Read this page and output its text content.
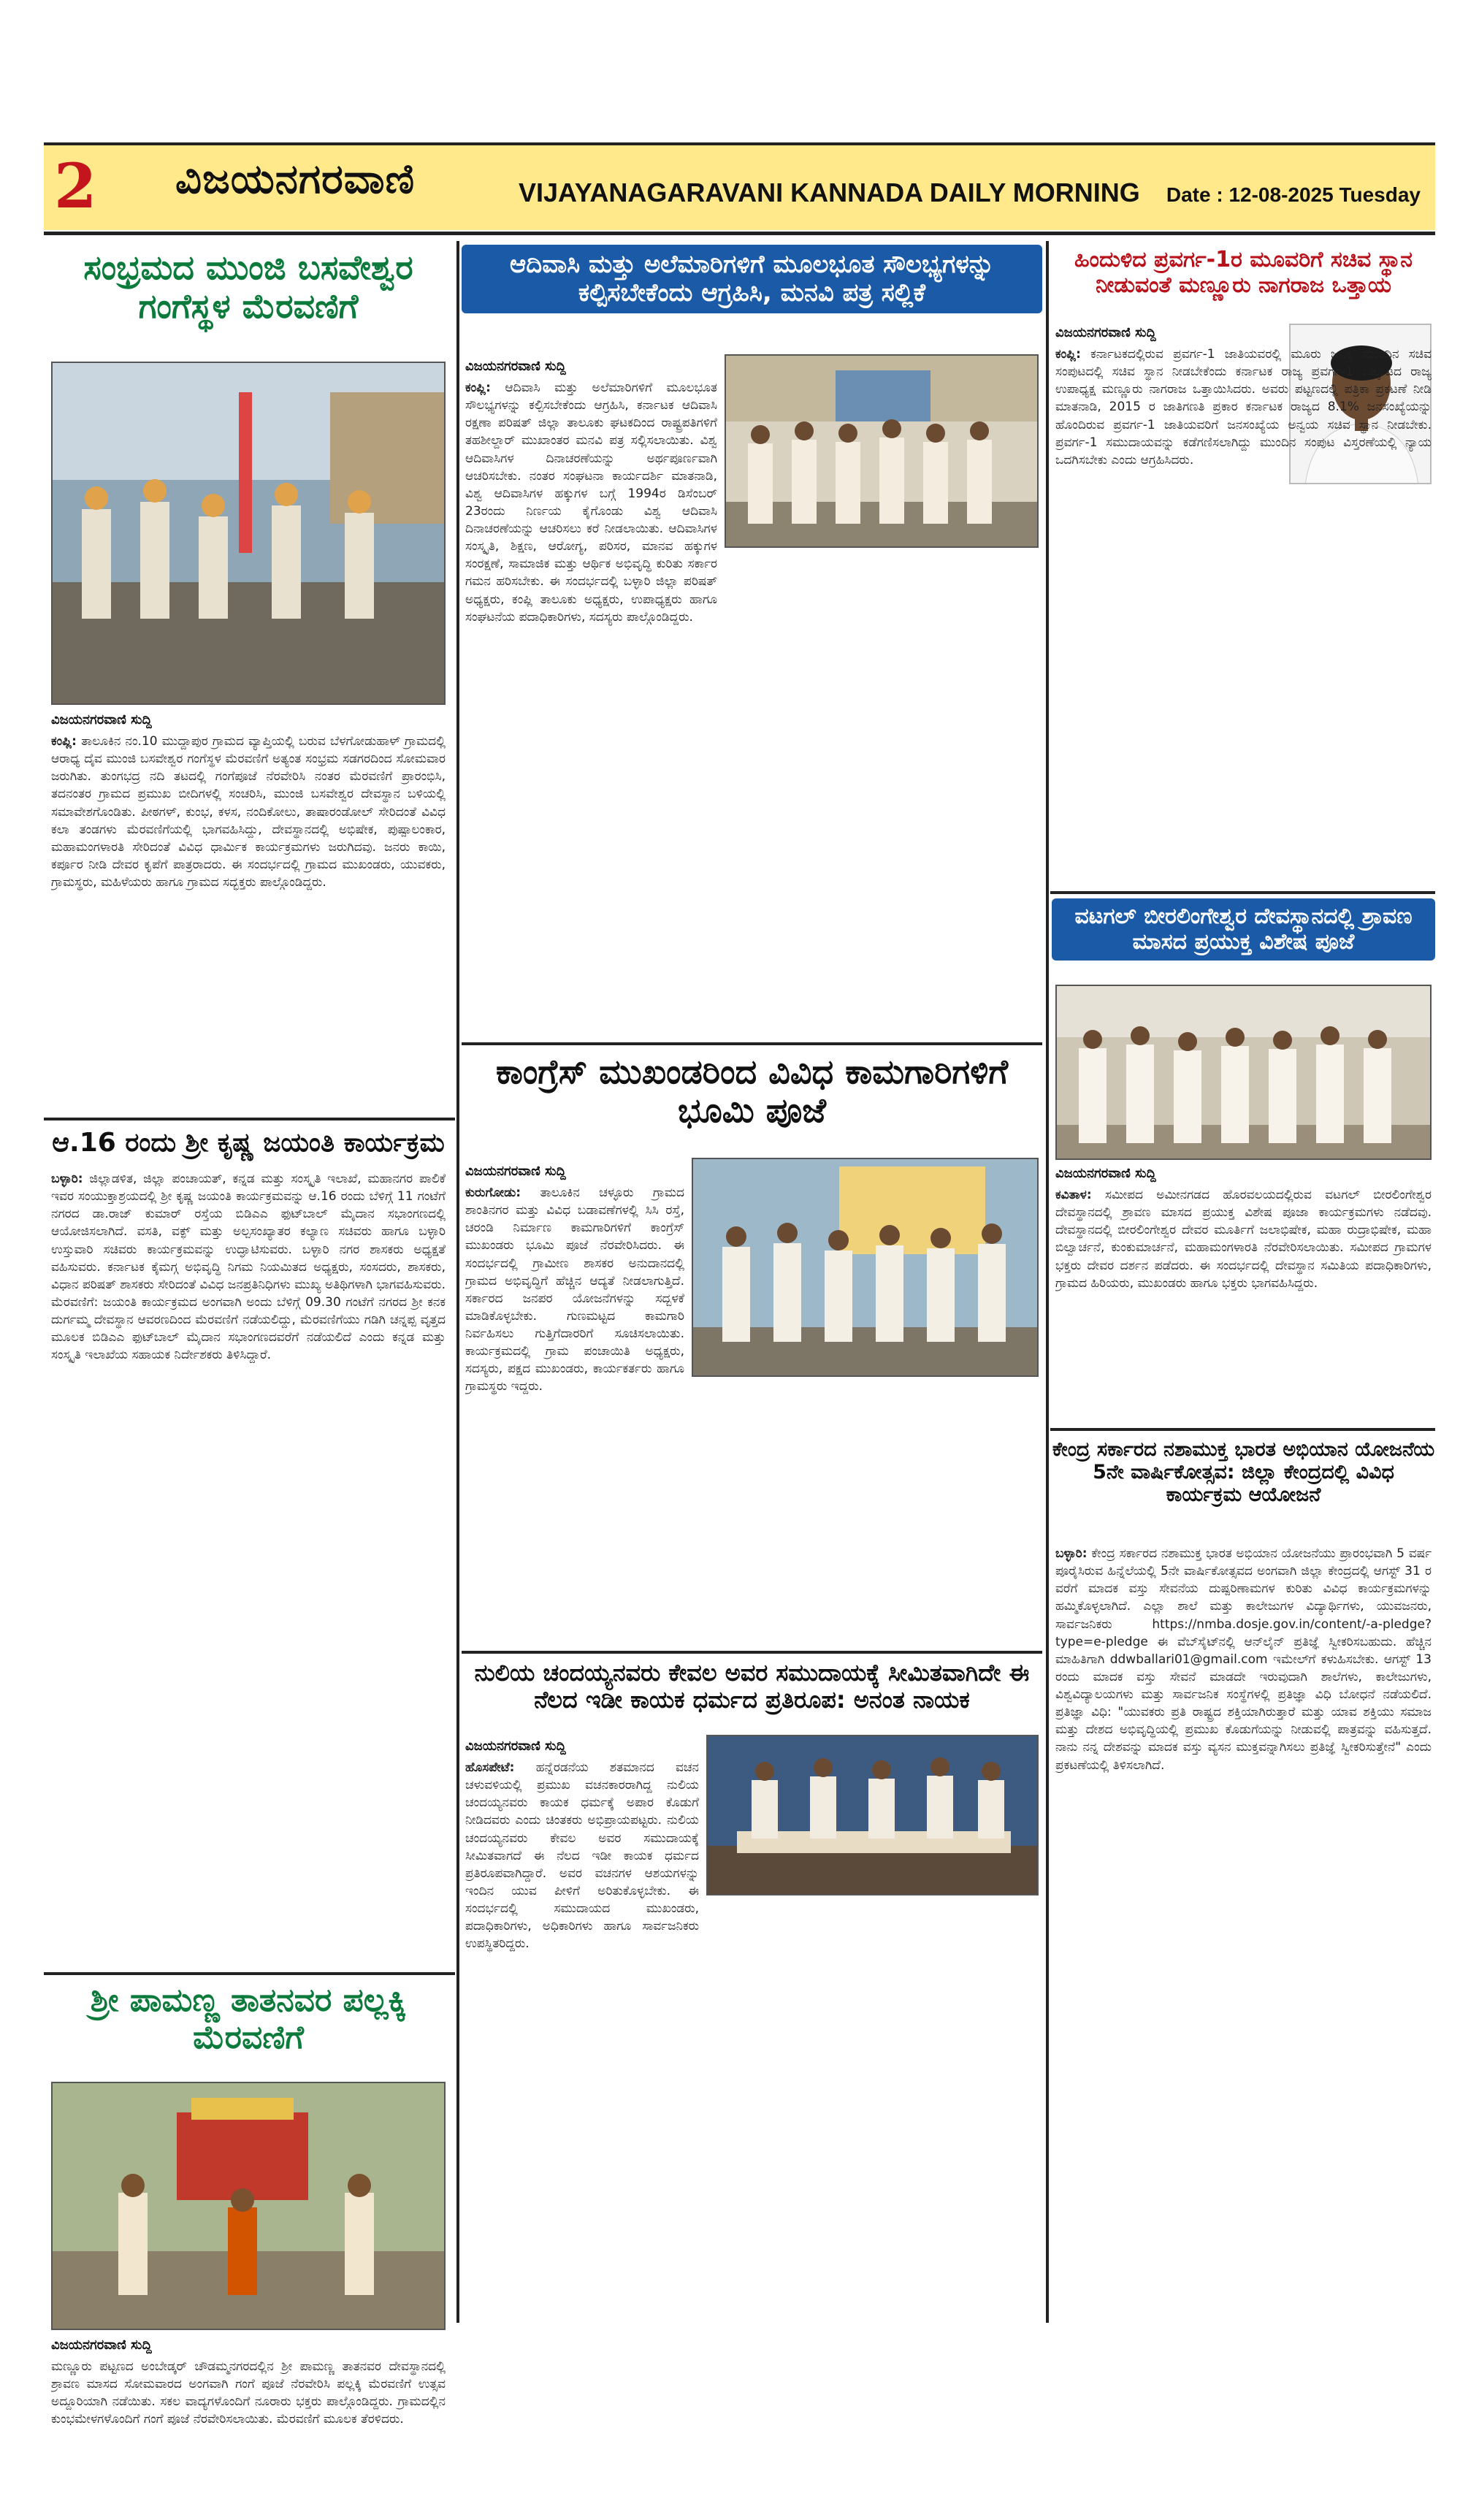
2 ವಿಜಯನಗರವಾಣಿ	VIJAYANAGARAVANI KANNADA DAILY MORNING Date : 12-08-2025 Tuesday
ಸಂಭ್ರಮದ ಮುಂಜಿ ಬಸವೇಶ್ವರ ಗಂಗೆಸ್ಥಳ ಮೆರವಣಿಗೆ
ವಿಜಯನಗರವಾಣಿ ಸುದ್ದಿ
ಕಂಪ್ಲಿ: ತಾಲೂಕಿನ ನಂ.10 ಮುದ್ದಾಪುರ ಗ್ರಾಮದ ವ್ಯಾಪ್ತಿಯಲ್ಲಿ ಬರುವ ಬೆಳಗೋಡುಹಾಳ್ ಗ್ರಾಮದಲ್ಲಿ ಆರಾಧ್ಯ ದೈವ ಮುಂಜಿ ಬಸವೇಶ್ವರ ಗಂಗೆಸ್ಥಳ ಮೆರವಣಿಗೆ ಅತ್ಯಂತ ಸಂಭ್ರಮ ಸಡಗರದಿಂದ ಸೋಮವಾರ ಜರುಗಿತು. ತುಂಗಭದ್ರ ನದಿ ತಟದಲ್ಲಿ ಗಂಗೆಪೂಜೆ ನೆರವೇರಿಸಿ ನಂತರ ಮೆರವಣಿಗೆ ಪ್ರಾರಂಭಿಸಿ, ತದನಂತರ ಗ್ರಾಮದ ಪ್ರಮುಖ ಬೀದಿಗಳಲ್ಲಿ ಸಂಚರಿಸಿ, ಮುಂಜಿ ಬಸವೇಶ್ವರ ದೇವಸ್ಥಾನ ಬಳಿಯಲ್ಲಿ ಸಮಾವೇಶಗೊಂಡಿತು. ಪೀಠಗಳ್, ಕುಂಭ, ಕಳಸ, ನಂದಿಕೋಲು, ತಾಷಾರಂಡೋಲ್ ಸೇರಿದಂತೆ ವಿವಿಧ ಕಲಾ ತಂಡಗಳು ಮೆರವಣಿಗೆಯಲ್ಲಿ ಭಾಗವಹಿಸಿದ್ದು, ದೇವಸ್ಥಾನದಲ್ಲಿ ಅಭಿಷೇಕ, ಪುಷ್ಪಾಲಂಕಾರ, ಮಹಾಮಂಗಳಾರತಿ ಸೇರಿದಂತೆ ವಿವಿಧ ಧಾರ್ಮಿಕ ಕಾರ್ಯಕ್ರಮಗಳು ಜರುಗಿದವು. ಜನರು ಕಾಯಿ, ಕರ್ಪೂರ ನೀಡಿ ದೇವರ ಕೃಪೆಗೆ ಪಾತ್ರರಾದರು. ಈ ಸಂದರ್ಭದಲ್ಲಿ ಗ್ರಾಮದ ಮುಖಂಡರು, ಯುವಕರು, ಗ್ರಾಮಸ್ಥರು, ಮಹಿಳೆಯರು ಹಾಗೂ ಗ್ರಾಮದ ಸದ್ಭಕ್ತರು ಪಾಲ್ಗೊಂಡಿದ್ದರು.
ಆ.16 ರಂದು ಶ್ರೀ ಕೃಷ್ಣ ಜಯಂತಿ ಕಾರ್ಯಕ್ರಮ
ಬಳ್ಳಾರಿ: ಜಿಲ್ಲಾಡಳಿತ, ಜಿಲ್ಲಾ ಪಂಚಾಯತ್, ಕನ್ನಡ ಮತ್ತು ಸಂಸ್ಕೃತಿ ಇಲಾಖೆ, ಮಹಾನಗರ ಪಾಲಿಕೆ ಇವರ ಸಂಯುಕ್ತಾಶ್ರಯದಲ್ಲಿ ಶ್ರೀ ಕೃಷ್ಣ ಜಯಂತಿ ಕಾರ್ಯಕ್ರಮವನ್ನು ಆ.16 ರಂದು ಬೆಳಿಗ್ಗೆ 11 ಗಂಟೆಗೆ ನಗರದ ಡಾ.ರಾಜ್ ಕುಮಾರ್ ರಸ್ತೆಯ ಬಿಡಿಎಎ ಫುಟ್‍ಬಾಲ್ ಮೈದಾನ ಸಭಾಂಗಣದಲ್ಲಿ ಆಯೋಜಿಸಲಾಗಿದೆ. ವಸತಿ, ವಕ್ಫ್ ಮತ್ತು ಅಲ್ಪಸಂಖ್ಯಾತರ ಕಲ್ಯಾಣ ಸಚಿವರು ಹಾಗೂ ಬಳ್ಳಾರಿ ಉಸ್ತುವಾರಿ ಸಚಿವರು ಕಾರ್ಯಕ್ರಮವನ್ನು ಉದ್ಘಾಟಿಸುವರು. ಬಳ್ಳಾರಿ ನಗರ ಶಾಸಕರು ಅಧ್ಯಕ್ಷತೆ ವಹಿಸುವರು. ಕರ್ನಾಟಕ ಕೈಮಗ್ಗ ಅಭಿವೃದ್ಧಿ ನಿಗಮ ನಿಯಮಿತದ ಅಧ್ಯಕ್ಷರು, ಸಂಸದರು, ಶಾಸಕರು, ವಿಧಾನ ಪರಿಷತ್ ಶಾಸಕರು ಸೇರಿದಂತೆ ವಿವಿಧ ಜನಪ್ರತಿನಿಧಿಗಳು ಮುಖ್ಯ ಅತಿಥಿಗಳಾಗಿ ಭಾಗವಹಿಸುವರು. ಮೆರವಣಿಗೆ: ಜಯಂತಿ ಕಾರ್ಯಕ್ರಮದ ಅಂಗವಾಗಿ ಅಂದು ಬೆಳಿಗ್ಗೆ 09.30 ಗಂಟೆಗೆ ನಗರದ ಶ್ರೀ ಕನಕ ದುರ್ಗಮ್ಮ ದೇವಸ್ಥಾನ ಆವರಣದಿಂದ ಮೆರವಣಿಗೆ ನಡೆಯಲಿದ್ದು, ಮೆರವಣಿಗೆಯು ಗಡಿಗಿ ಚನ್ನಪ್ಪ ವೃತ್ತದ ಮೂಲಕ ಬಿಡಿಎಎ ಫುಟ್‍ಬಾಲ್ ಮೈದಾನ ಸಭಾಂಗಣದವರೆಗೆ ನಡೆಯಲಿದೆ ಎಂದು ಕನ್ನಡ ಮತ್ತು ಸಂಸ್ಕೃತಿ ಇಲಾಖೆಯ ಸಹಾಯಕ ನಿರ್ದೇಶಕರು ತಿಳಿಸಿದ್ದಾರೆ.
ಶ್ರೀ ಪಾಮಣ್ಣ ತಾತನವರ ಪಲ್ಲಕ್ಕಿ ಮೆರವಣಿಗೆ
ವಿಜಯನಗರವಾಣಿ ಸುದ್ದಿ
ಮಣ್ಣೂರು ಪಟ್ಟಣದ ಅಂಬೇಡ್ಕರ್ ಚೌಡಮ್ಮನಗರದಲ್ಲಿನ ಶ್ರೀ ಪಾಮಣ್ಣ ತಾತನವರ ದೇವಸ್ಥಾನದಲ್ಲಿ ಶ್ರಾವಣ ಮಾಸದ ಸೋಮವಾರದ ಅಂಗವಾಗಿ ಗಂಗೆ ಪೂಜೆ ನೆರವೇರಿಸಿ ಪಲ್ಲಕ್ಕಿ ಮೆರವಣಿಗೆ ಉತ್ಸವ ಅದ್ದೂರಿಯಾಗಿ ನಡೆಯಿತು. ಸಕಲ ವಾದ್ಯಗಳೊಂದಿಗೆ ನೂರಾರು ಭಕ್ತರು ಪಾಲ್ಗೊಂಡಿದ್ದರು. ಗ್ರಾಮದಲ್ಲಿನ ಕುಂಭಮೇಳಗಳೊಂದಿಗೆ ಗಂಗೆ ಪೂಜೆ ನೆರವೇರಿಸಲಾಯಿತು. ಮೆರವಣಿಗೆ ಮೂಲಕ ತೆರಳಿದರು.
ಆದಿವಾಸಿ ಮತ್ತು ಅಲೆಮಾರಿಗಳಿಗೆ ಮೂಲಭೂತ ಸೌಲಭ್ಯಗಳನ್ನು ಕಲ್ಪಿಸಬೇಕೆಂದು ಆಗ್ರಹಿಸಿ, ಮನವಿ ಪತ್ರ ಸಲ್ಲಿಕೆ
ವಿಜಯನಗರವಾಣಿ ಸುದ್ದಿ
ಕಂಪ್ಲಿ: ಆದಿವಾಸಿ ಮತ್ತು ಅಲೆಮಾರಿಗಳಿಗೆ ಮೂಲಭೂತ ಸೌಲಭ್ಯಗಳನ್ನು ಕಲ್ಪಿಸಬೇಕೆಂದು ಆಗ್ರಹಿಸಿ, ಕರ್ನಾಟಕ ಆದಿವಾಸಿ ರಕ್ಷಣಾ ಪರಿಷತ್ ಜಿಲ್ಲಾ ತಾಲೂಕು ಘಟಕದಿಂದ ರಾಷ್ಟ್ರಪತಿಗಳಿಗೆ ತಹಶೀಲ್ದಾರ್ ಮುಖಾಂತರ ಮನವಿ ಪತ್ರ ಸಲ್ಲಿಸಲಾಯಿತು. ವಿಶ್ವ ಆದಿವಾಸಿಗಳ ದಿನಾಚರಣೆಯನ್ನು ಅರ್ಥಪೂರ್ಣವಾಗಿ ಆಚರಿಸಬೇಕು. ನಂತರ ಸಂಘಟನಾ ಕಾರ್ಯದರ್ಶಿ ಮಾತನಾಡಿ, ವಿಶ್ವ ಆದಿವಾಸಿಗಳ ಹಕ್ಕುಗಳ ಬಗ್ಗೆ 1994ರ ಡಿಸೆಂಬರ್ 23ರಂದು ನಿರ್ಣಯ ಕೈಗೊಂಡು ವಿಶ್ವ ಆದಿವಾಸಿ ದಿನಾಚರಣೆಯನ್ನು ಆಚರಿಸಲು ಕರೆ ನೀಡಲಾಯಿತು. ಆದಿವಾಸಿಗಳ ಸಂಸ್ಕೃತಿ, ಶಿಕ್ಷಣ, ಆರೋಗ್ಯ, ಪರಿಸರ, ಮಾನವ ಹಕ್ಕುಗಳ ಸಂರಕ್ಷಣೆ, ಸಾಮಾಜಿಕ ಮತ್ತು ಆರ್ಥಿಕ ಅಭಿವೃದ್ಧಿ ಕುರಿತು ಸರ್ಕಾರ ಗಮನ ಹರಿಸಬೇಕು. ಈ ಸಂದರ್ಭದಲ್ಲಿ ಬಳ್ಳಾರಿ ಜಿಲ್ಲಾ ಪರಿಷತ್ ಅಧ್ಯಕ್ಷರು, ಕಂಪ್ಲಿ ತಾಲೂಕು ಅಧ್ಯಕ್ಷರು, ಉಪಾಧ್ಯಕ್ಷರು ಹಾಗೂ ಸಂಘಟನೆಯ ಪದಾಧಿಕಾರಿಗಳು, ಸದಸ್ಯರು ಪಾಲ್ಗೊಂಡಿದ್ದರು.
ಕಾಂಗ್ರೆಸ್ ಮುಖಂಡರಿಂದ ವಿವಿಧ ಕಾಮಗಾರಿಗಳಿಗೆ ಭೂಮಿ ಪೂಜೆ
ವಿಜಯನಗರವಾಣಿ ಸುದ್ದಿ
ಕುರುಗೋಡು: ತಾಲೂಕಿನ ಚಳ್ಳೂರು ಗ್ರಾಮದ ಶಾಂತಿನಗರ ಮತ್ತು ವಿವಿಧ ಬಡಾವಣೆಗಳಲ್ಲಿ ಸಿಸಿ ರಸ್ತೆ, ಚರಂಡಿ ನಿರ್ಮಾಣ ಕಾಮಗಾರಿಗಳಿಗೆ ಕಾಂಗ್ರೆಸ್ ಮುಖಂಡರು ಭೂಮಿ ಪೂಜೆ ನೆರವೇರಿಸಿದರು. ಈ ಸಂದರ್ಭದಲ್ಲಿ ಗ್ರಾಮೀಣ ಶಾಸಕರ ಅನುದಾನದಲ್ಲಿ ಗ್ರಾಮದ ಅಭಿವೃದ್ಧಿಗೆ ಹೆಚ್ಚಿನ ಆದ್ಯತೆ ನೀಡಲಾಗುತ್ತಿದೆ. ಸರ್ಕಾರದ ಜನಪರ ಯೋಜನೆಗಳನ್ನು ಸದ್ಬಳಕೆ ಮಾಡಿಕೊಳ್ಳಬೇಕು. ಗುಣಮಟ್ಟದ ಕಾಮಗಾರಿ ನಿರ್ವಹಿಸಲು ಗುತ್ತಿಗೆದಾರರಿಗೆ ಸೂಚಿಸಲಾಯಿತು. ಕಾರ್ಯಕ್ರಮದಲ್ಲಿ ಗ್ರಾಮ ಪಂಚಾಯಿತಿ ಅಧ್ಯಕ್ಷರು, ಸದಸ್ಯರು, ಪಕ್ಷದ ಮುಖಂಡರು, ಕಾರ್ಯಕರ್ತರು ಹಾಗೂ ಗ್ರಾಮಸ್ಥರು ಇದ್ದರು.
ನುಲಿಯ ಚಂದಯ್ಯನವರು ಕೇವಲ ಅವರ ಸಮುದಾಯಕ್ಕೆ ಸೀಮಿತವಾಗಿದೇ ಈ ನೆಲದ ಇಡೀ ಕಾಯಕ ಧರ್ಮದ ಪ್ರತಿರೂಪ: ಅನಂತ ನಾಯಕ
ವಿಜಯನಗರವಾಣಿ ಸುದ್ದಿ
ಹೊಸಪೇಟೆ: ಹನ್ನೆರಡನೆಯ ಶತಮಾನದ ವಚನ ಚಳುವಳಿಯಲ್ಲಿ ಪ್ರಮುಖ ವಚನಕಾರರಾಗಿದ್ದ ನುಲಿಯ ಚಂದಯ್ಯನವರು ಕಾಯಕ ಧರ್ಮಕ್ಕೆ ಅಪಾರ ಕೊಡುಗೆ ನೀಡಿದವರು ಎಂದು ಚಿಂತಕರು ಅಭಿಪ್ರಾಯಪಟ್ಟರು. ನುಲಿಯ ಚಂದಯ್ಯನವರು ಕೇವಲ ಅವರ ಸಮುದಾಯಕ್ಕೆ ಸೀಮಿತವಾಗದೆ ಈ ನೆಲದ ಇಡೀ ಕಾಯಕ ಧರ್ಮದ ಪ್ರತಿರೂಪವಾಗಿದ್ದಾರೆ. ಅವರ ವಚನಗಳ ಆಶಯಗಳನ್ನು ಇಂದಿನ ಯುವ ಪೀಳಿಗೆ ಅರಿತುಕೊಳ್ಳಬೇಕು. ಈ ಸಂದರ್ಭದಲ್ಲಿ ಸಮುದಾಯದ ಮುಖಂಡರು, ಪದಾಧಿಕಾರಿಗಳು, ಅಧಿಕಾರಿಗಳು ಹಾಗೂ ಸಾರ್ವಜನಿಕರು ಉಪಸ್ಥಿತರಿದ್ದರು.
ಹಿಂದುಳಿದ ಪ್ರವರ್ಗ-1ರ ಮೂವರಿಗೆ ಸಚಿವ ಸ್ಥಾನ ನೀಡುವಂತೆ ಮಣ್ಣೂರು ನಾಗರಾಜ ಒತ್ತಾಯ
ವಿಜಯನಗರವಾಣಿ ಸುದ್ದಿ
ಕಂಪ್ಲಿ: ಕರ್ನಾಟಕದಲ್ಲಿರುವ ಪ್ರವರ್ಗ-1 ಜಾತಿಯವರಲ್ಲಿ ಮೂರು ಜನಕ್ಕೆ ಮುಂದಿನ ಸಚಿವ ಸಂಪುಟದಲ್ಲಿ ಸಚಿವ ಸ್ಥಾನ ನೀಡಬೇಕೆಂದು ಕರ್ನಾಟಕ ರಾಜ್ಯ ಪ್ರವರ್ಗ-1 ಒಕ್ಕೂಟದ ರಾಜ್ಯ ಉಪಾಧ್ಯಕ್ಷ ಮಣ್ಣೂರು ನಾಗರಾಜ ಒತ್ತಾಯಿಸಿದರು. ಅವರು ಪಟ್ಟಣದಲ್ಲಿ ಪತ್ರಿಕಾ ಪ್ರಕಟಣೆ ನೀಡಿ ಮಾತನಾಡಿ, 2015 ರ ಜಾತಿಗಣತಿ ಪ್ರಕಾರ ಕರ್ನಾಟಕ ರಾಜ್ಯದ 8.1% ಜನಸಂಖ್ಯೆಯನ್ನು ಹೊಂದಿರುವ ಪ್ರವರ್ಗ-1 ಜಾತಿಯವರಿಗೆ ಜನಸಂಖ್ಯೆಯ ಅನ್ವಯ ಸಚಿವ ಸ್ಥಾನ ನೀಡಬೇಕು. ಪ್ರವರ್ಗ-1 ಸಮುದಾಯವನ್ನು ಕಡೆಗಣಿಸಲಾಗಿದ್ದು ಮುಂದಿನ ಸಂಪುಟ ವಿಸ್ತರಣೆಯಲ್ಲಿ ನ್ಯಾಯ ಒದಗಿಸಬೇಕು ಎಂದು ಆಗ್ರಹಿಸಿದರು.
ವಟಗಲ್ ಬೀರಲಿಂಗೇಶ್ವರ ದೇವಸ್ಥಾನದಲ್ಲಿ ಶ್ರಾವಣ ಮಾಸದ ಪ್ರಯುಕ್ತ ವಿಶೇಷ ಪೂಜೆ
ವಿಜಯನಗರವಾಣಿ ಸುದ್ದಿ
ಕವಿತಾಳ: ಸಮೀಪದ ಅಮೀನಗಡದ ಹೊರವಲಯದಲ್ಲಿರುವ ವಟಗಲ್ ಬೀರಲಿಂಗೇಶ್ವರ ದೇವಸ್ಥಾನದಲ್ಲಿ ಶ್ರಾವಣ ಮಾಸದ ಪ್ರಯುಕ್ತ ವಿಶೇಷ ಪೂಜಾ ಕಾರ್ಯಕ್ರಮಗಳು ನಡೆದವು. ದೇವಸ್ಥಾನದಲ್ಲಿ ಬೀರಲಿಂಗೇಶ್ವರ ದೇವರ ಮೂರ್ತಿಗೆ ಜಲಾಭಿಷೇಕ, ಮಹಾ ರುದ್ರಾಭಿಷೇಕ, ಮಹಾ ಬಿಲ್ವಾರ್ಚನೆ, ಕುಂಕುಮಾರ್ಚನೆ, ಮಹಾಮಂಗಳಾರತಿ ನೆರವೇರಿಸಲಾಯಿತು. ಸಮೀಪದ ಗ್ರಾಮಗಳ ಭಕ್ತರು ದೇವರ ದರ್ಶನ ಪಡೆದರು. ಈ ಸಂದರ್ಭದಲ್ಲಿ ದೇವಸ್ಥಾನ ಸಮಿತಿಯ ಪದಾಧಿಕಾರಿಗಳು, ಗ್ರಾಮದ ಹಿರಿಯರು, ಮುಖಂಡರು ಹಾಗೂ ಭಕ್ತರು ಭಾಗವಹಿಸಿದ್ದರು.
ಕೇಂದ್ರ ಸರ್ಕಾರದ ನಶಾಮುಕ್ತ ಭಾರತ ಅಭಿಯಾನ ಯೋಜನೆಯ 5ನೇ ವಾರ್ಷಿಕೋತ್ಸವ: ಜಿಲ್ಲಾ ಕೇಂದ್ರದಲ್ಲಿ ವಿವಿಧ ಕಾರ್ಯಕ್ರಮ ಆಯೋಜನೆ
ಬಳ್ಳಾರಿ: ಕೇಂದ್ರ ಸರ್ಕಾರದ ನಶಾಮುಕ್ತ ಭಾರತ ಅಭಿಯಾನ ಯೋಜನೆಯು ಪ್ರಾರಂಭವಾಗಿ 5 ವರ್ಷ ಪೂರೈಸಿರುವ ಹಿನ್ನೆಲೆಯಲ್ಲಿ 5ನೇ ವಾರ್ಷಿಕೋತ್ಸವದ ಅಂಗವಾಗಿ ಜಿಲ್ಲಾ ಕೇಂದ್ರದಲ್ಲಿ ಆಗಸ್ಟ್ 31 ರ ವರೆಗೆ ಮಾದಕ ವಸ್ತು ಸೇವನೆಯ ದುಷ್ಪರಿಣಾಮಗಳ ಕುರಿತು ವಿವಿಧ ಕಾರ್ಯಕ್ರಮಗಳನ್ನು ಹಮ್ಮಿಕೊಳ್ಳಲಾಗಿದೆ. ಎಲ್ಲಾ ಶಾಲೆ ಮತ್ತು ಕಾಲೇಜುಗಳ ವಿದ್ಯಾರ್ಥಿಗಳು, ಯುವಜನರು, ಸಾರ್ವಜನಿಕರು https://nmba.dosje.gov.in/content/-a-pledge?type=e-pledge ಈ ವೆಬ್‍ಸೈಟ್‍ನಲ್ಲಿ ಆನ್‍ಲೈನ್ ಪ್ರತಿಜ್ಞೆ ಸ್ವೀಕರಿಸಬಹುದು. ಹೆಚ್ಚಿನ ಮಾಹಿತಿಗಾಗಿ ddwballari01@gmail.com ಇಮೇಲ್‍ಗೆ ಕಳುಹಿಸಬೇಕು. ಆಗಸ್ಟ್ 13 ರಂದು ಮಾದಕ ವಸ್ತು ಸೇವನೆ ಮಾಡದೇ ಇರುವುದಾಗಿ ಶಾಲೆಗಳು, ಕಾಲೇಜುಗಳು, ವಿಶ್ವವಿದ್ಯಾಲಯಗಳು ಮತ್ತು ಸಾರ್ವಜನಿಕ ಸಂಸ್ಥೆಗಳಲ್ಲಿ ಪ್ರತಿಜ್ಞಾ ವಿಧಿ ಬೋಧನೆ ನಡೆಯಲಿದೆ. ಪ್ರತಿಜ್ಞಾ ವಿಧಿ: "ಯುವಕರು ಪ್ರತಿ ರಾಷ್ಟ್ರದ ಶಕ್ತಿಯಾಗಿರುತ್ತಾರೆ ಮತ್ತು ಯಾವ ಶಕ್ತಿಯು ಸಮಾಜ ಮತ್ತು ದೇಶದ ಅಭಿವೃದ್ಧಿಯಲ್ಲಿ ಪ್ರಮುಖ ಕೊಡುಗೆಯನ್ನು ನೀಡುವಲ್ಲಿ ಪಾತ್ರವನ್ನು ವಹಿಸುತ್ತದೆ. ನಾನು ನನ್ನ ದೇಶವನ್ನು ಮಾದಕ ವಸ್ತು ವ್ಯಸನ ಮುಕ್ತವನ್ನಾಗಿಸಲು ಪ್ರತಿಜ್ಞೆ ಸ್ವೀಕರಿಸುತ್ತೇನೆ" ಎಂದು ಪ್ರಕಟಣೆಯಲ್ಲಿ ತಿಳಿಸಲಾಗಿದೆ.
